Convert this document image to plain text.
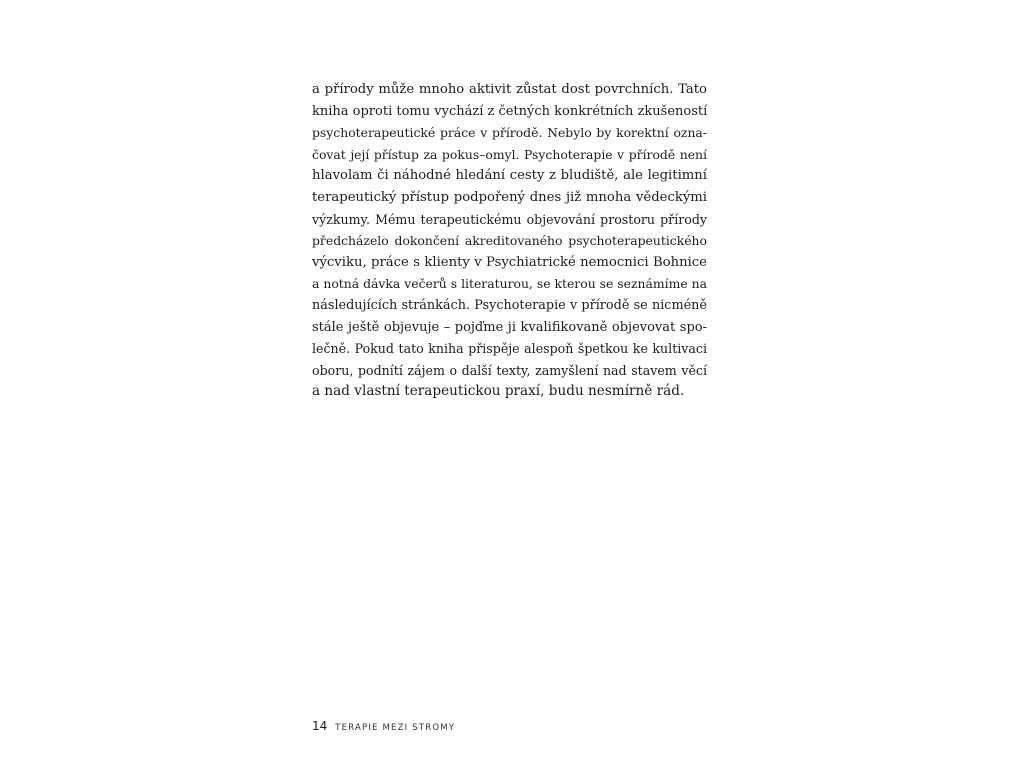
a přírody může mnoho aktivit zůstat dost povrchních. Tato
kniha oproti tomu vychází z četných konkrétních zkušeností
psychoterapeutické práce v přírodě. Nebylo by korektní ozna-
čovat její přístup za pokus–omyl. Psychoterapie v přírodě není
hlavolam či náhodné hledání cesty z bludiště, ale legitimní
terapeutický přístup podpořený dnes již mnoha vědeckými
výzkumy. Mému terapeutickému objevování prostoru přírody
předcházelo dokončení akreditovaného psychoterapeutického
výcviku, práce s klienty v Psychiatrické nemocnici Bohnice
a notná dávka večerů s literaturou, se kterou se seznámíme na
následujících stránkách. Psychoterapie v přírodě se nicméně
stále ještě objevuje – pojďme ji kvalifikovaně objevovat spo-
lečně. Pokud tato kniha přispěje alespoň špetkou ke kultivaci
oboru, podnítí zájem o další texty, zamyšlení nad stavem věcí
a nad vlastní terapeutickou praxí, budu nesmírně rád.
14 TERAPIE MEZI STROMY
